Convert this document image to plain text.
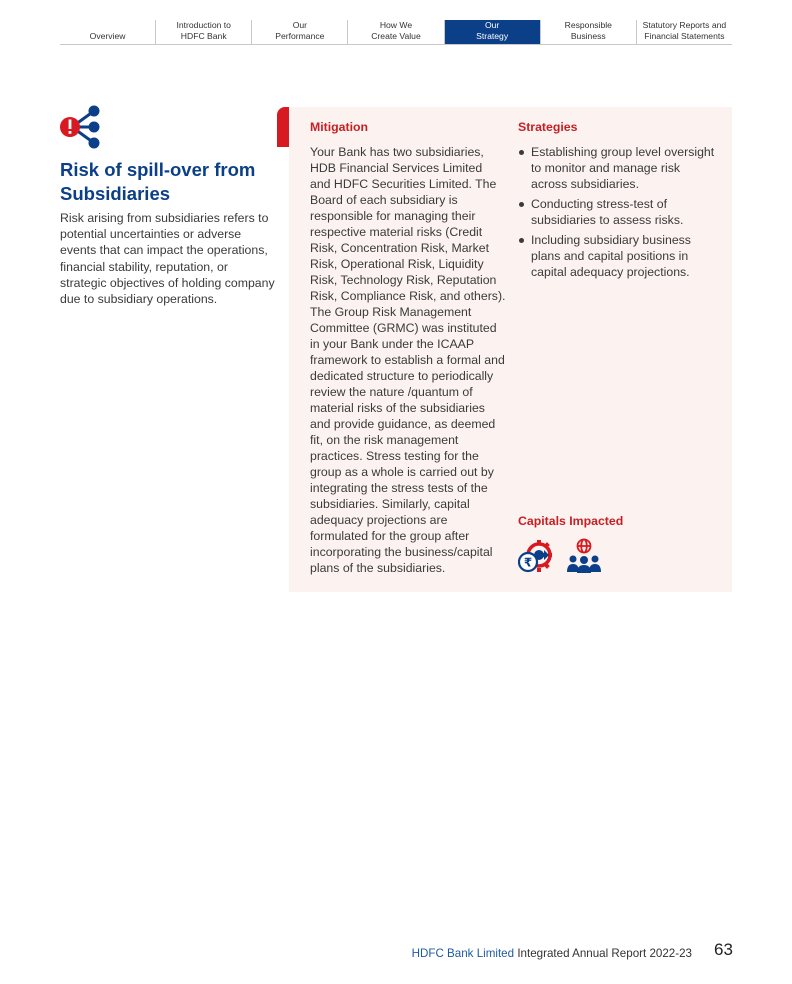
Overview
Introduction to
HDFC Bank
Our
Performance
How We
Create Value
Our
Strategy
Responsible
Business
Statutory Reports and
Financial Statements
Risk of spill-over from Subsidiaries

Risk arising from subsidiaries refers to potential uncertainties or adverse events that can impact the operations, financial stability, reputation, or strategic objectives of holding company due to subsidiary operations.

Mitigation

Your Bank has two subsidiaries, HDB Financial Services Limited and HDFC Securities Limited. The Board of each subsidiary is responsible for managing their respective material risks (Credit Risk, Concentration Risk, Market Risk, Operational Risk, Liquidity Risk, Technology Risk, Reputation Risk, Compliance Risk, and others). The Group Risk Management Committee (GRMC) was instituted in your Bank under the ICAAP framework to establish a formal and dedicated structure to periodically review the nature /quantum of material risks of the subsidiaries and provide guidance, as deemed fit, on the risk management practices. Stress testing for the group as a whole is carried out by integrating the stress tests of the subsidiaries. Similarly, capital adequacy projections are formulated for the group after incorporating the business/capital plans of the subsidiaries.

Strategies
Establishing group level oversight to monitor and manage risk across subsidiaries.
Conducting stress-test of subsidiaries to assess risks.
Including subsidiary business plans and capital positions in capital adequacy projections.
Capitals Impacted
₹
HDFC Bank Limited Integrated Annual Report 2022-23 63
